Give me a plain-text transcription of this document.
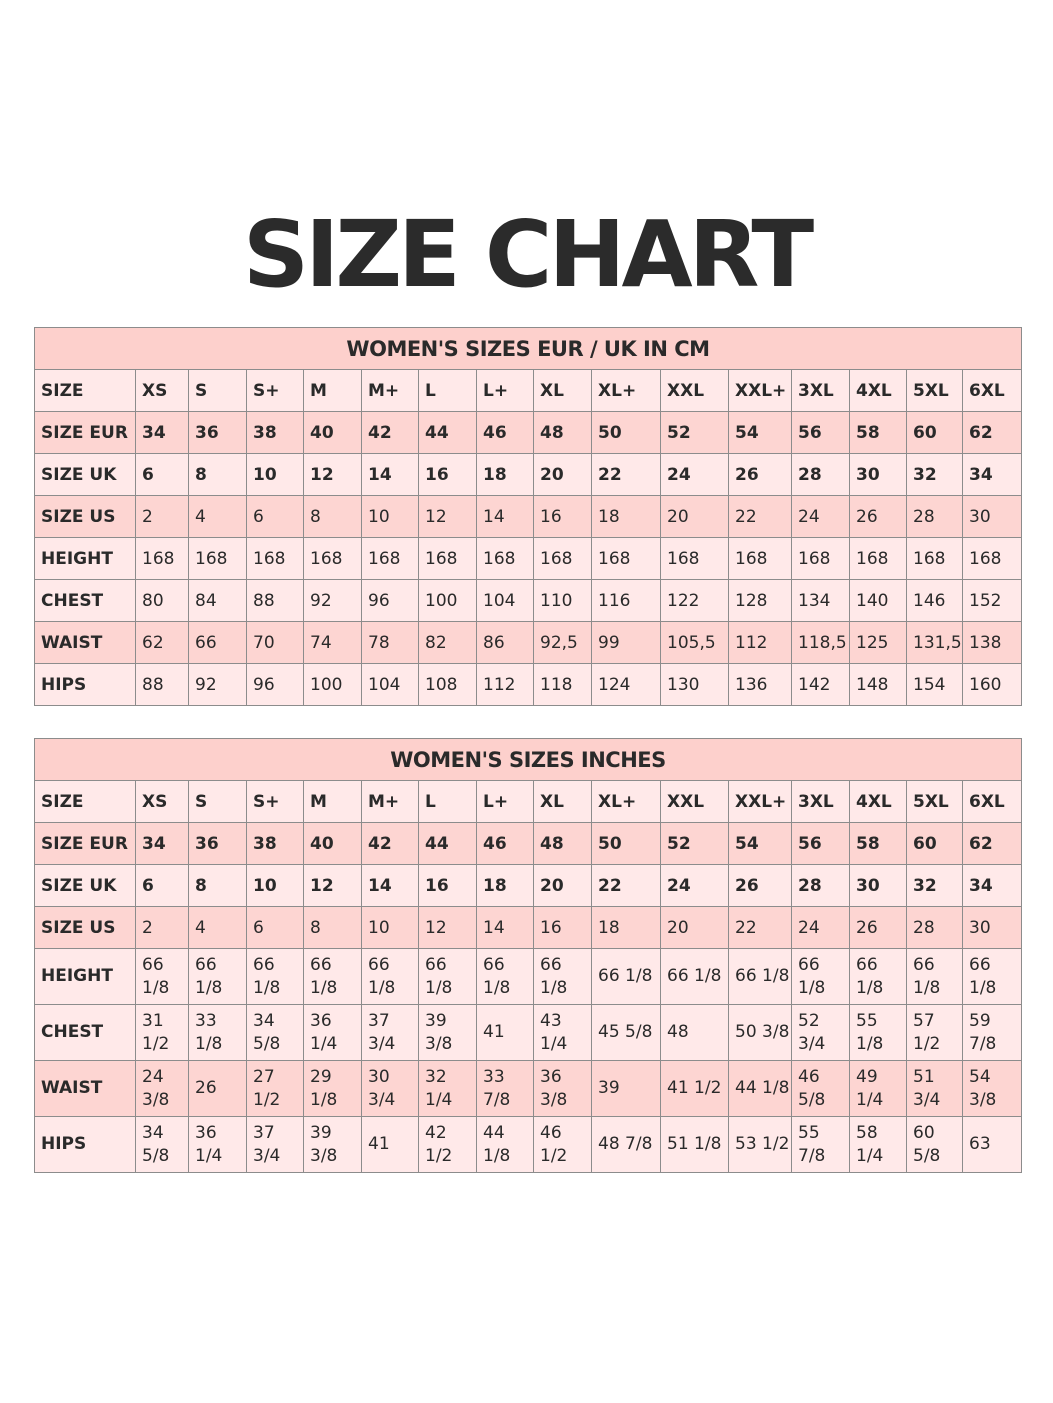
SIZE CHART
WOMEN'S SIZES EUR / UK IN CM															
SIZE	XS	S	S+	M	M+	L	L+	XL	XL+	XXL	XXL+	3XL	4XL	5XL	6XL
SIZE EUR	34	36	38	40	42	44	46	48	50	52	54	56	58	60	62
SIZE UK	6	8	10	12	14	16	18	20	22	24	26	28	30	32	34
SIZE US	2	4	6	8	10	12	14	16	18	20	22	24	26	28	30
HEIGHT	168	168	168	168	168	168	168	168	168	168	168	168	168	168	168
CHEST	80	84	88	92	96	100	104	110	116	122	128	134	140	146	152
WAIST	62	66	70	74	78	82	86	92,5	99	105,5	112	118,5	125	131,5	138
HIPS	88	92	96	100	104	108	112	118	124	130	136	142	148	154	160
WOMEN'S SIZES INCHES															
SIZE	XS	S	S+	M	M+	L	L+	XL	XL+	XXL	XXL+	3XL	4XL	5XL	6XL
SIZE EUR	34	36	38	40	42	44	46	48	50	52	54	56	58	60	62
SIZE UK	6	8	10	12	14	16	18	20	22	24	26	28	30	32	34
SIZE US	2	4	6	8	10	12	14	16	18	20	22	24	26	28	30
HEIGHT	66 1/8	66 1/8	66 1/8	66 1/8	66 1/8	66 1/8	66 1/8	66 1/8	66 1/8	66 1/8	66 1/8	66 1/8	66 1/8	66 1/8	66 1/8
CHEST	31 1/2	33 1/8	34 5/8	36 1/4	37 3/4	39 3/8	41	43 1/4	45 5/8	48	50 3/8	52 3/4	55 1/8	57 1/2	59 7/8
WAIST	24 3/8	26	27 1/2	29 1/8	30 3/4	32 1/4	33 7/8	36 3/8	39	41 1/2	44 1/8	46 5/8	49 1/4	51 3/4	54 3/8
HIPS	34 5/8	36 1/4	37 3/4	39 3/8	41	42 1/2	44 1/8	46 1/2	48 7/8	51 1/8	53 1/2	55 7/8	58 1/4	60 5/8	63
